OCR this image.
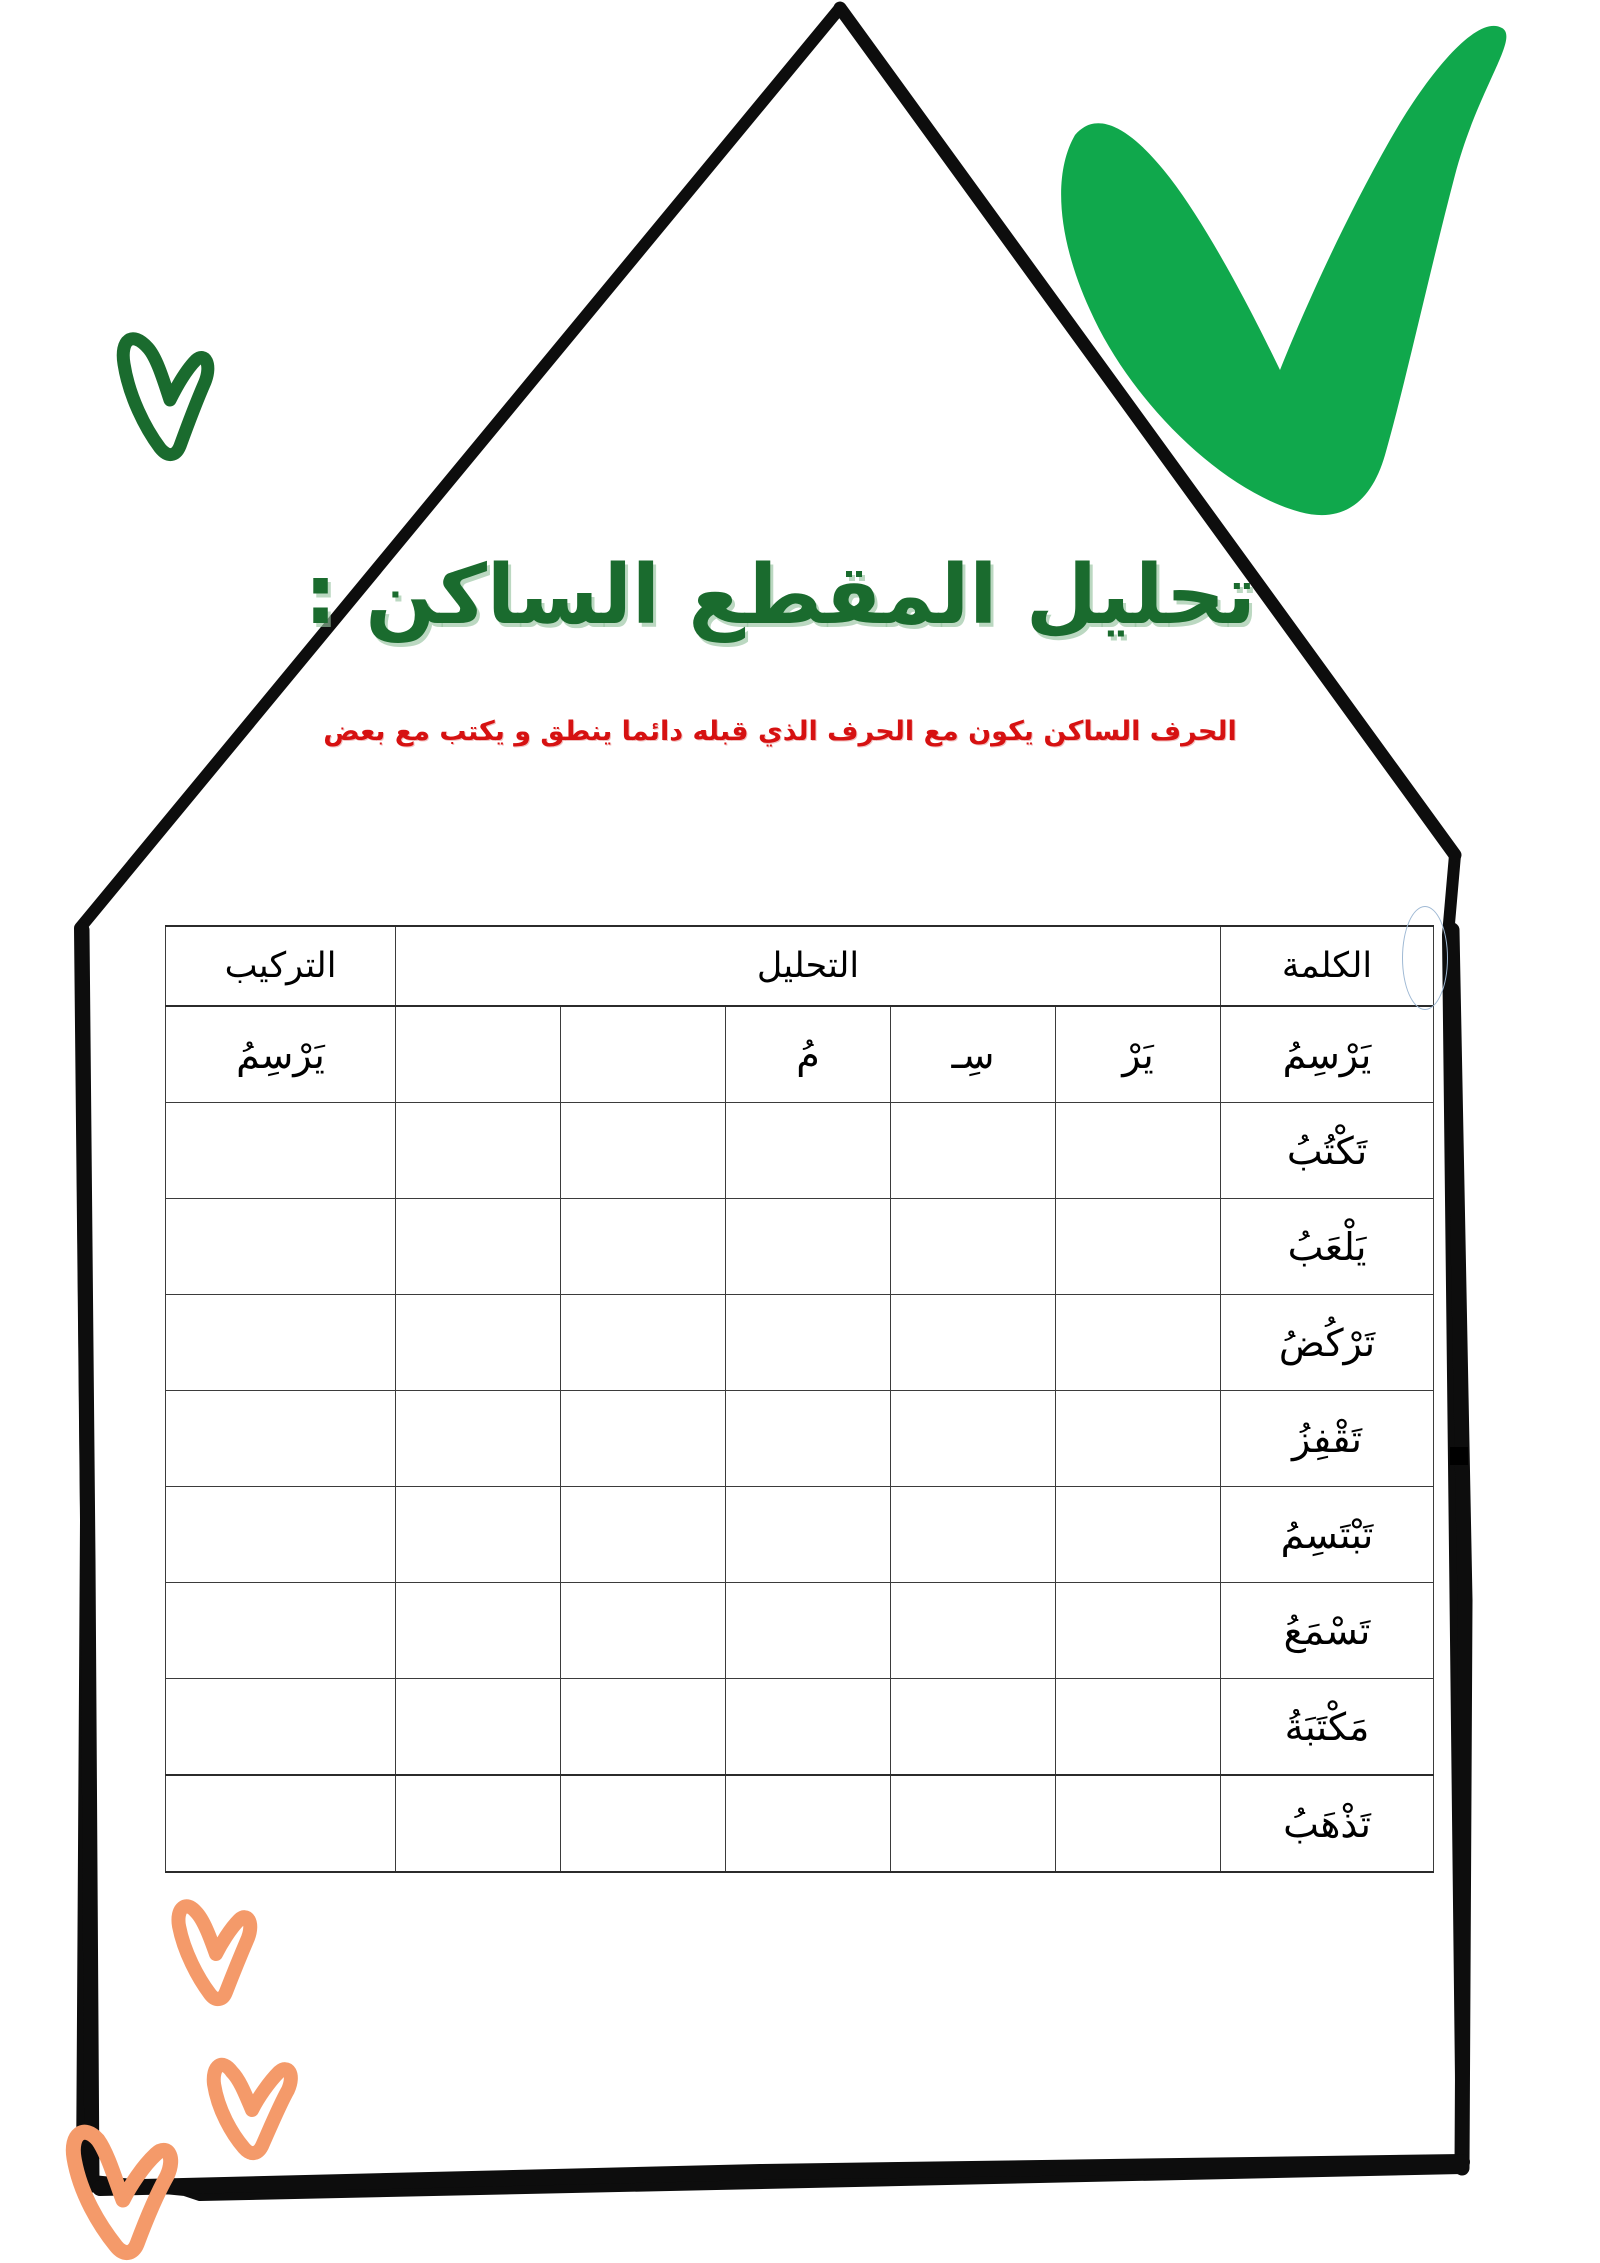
تحليل المقطع الساكن :
الحرف الساكن يكون مع الحرف الذي قبله دائما ينطق و يكتب مع بعض
الكلمة	التحليل					التركيب
يَرْسِمُ	يَرْ	سِـ	مُ			يَرْسِمُ
تَكْتُبُ						
يَلْعَبُ						
تَرْكُضُ						
تَقْفِزُ						
تَبْتَسِمُ						
تَسْمَعُ						
مَكْتَبَةُ						
تَذْهَبُ						
